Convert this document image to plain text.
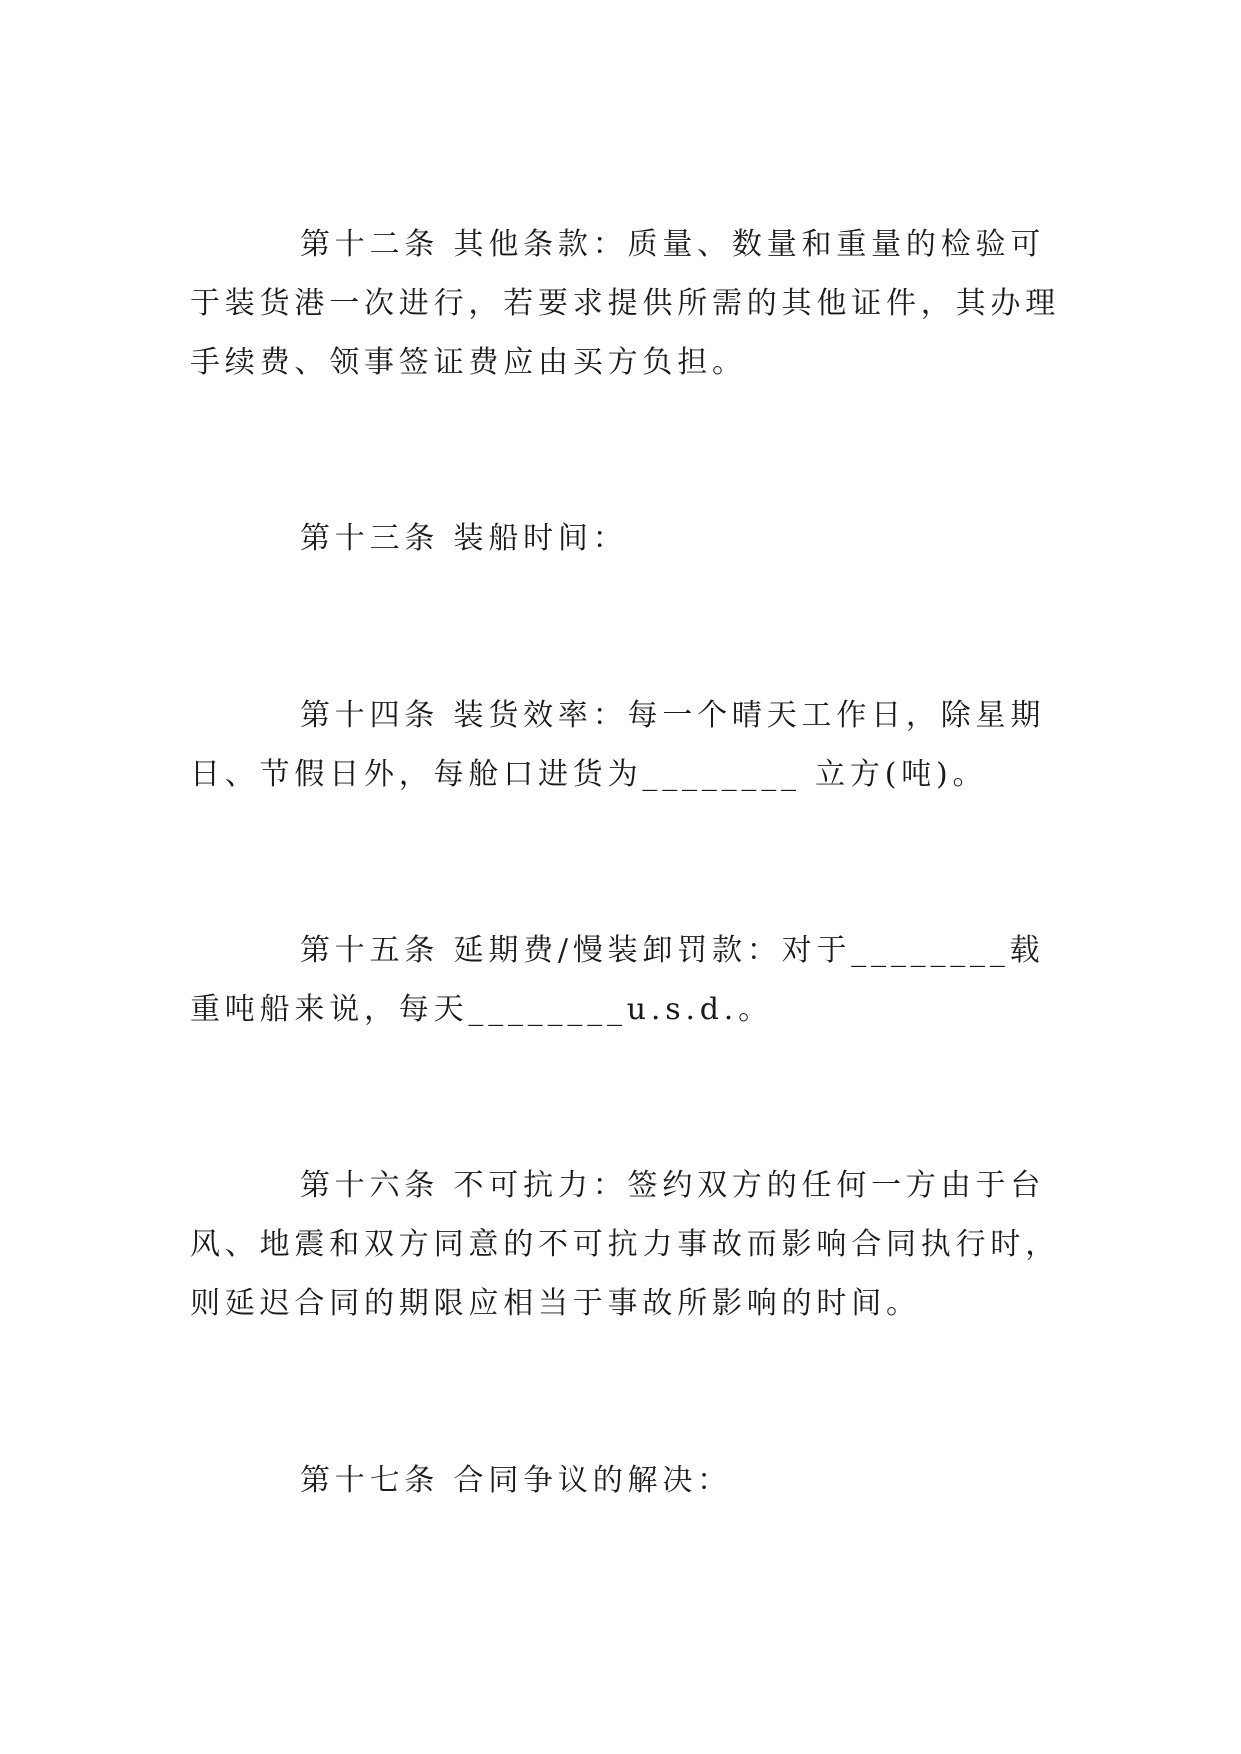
第十二条 其他条款：质量、数量和重量的检验可于装货港一次进行，若要求提供所需的其他证件，其办理手续费、领事签证费应由买方负担。

第十三条 装船时间：

第十四条 装货效率：每一个晴天工作日，除星期日、节假日外，每舱口进货为________ 立方(吨)。

第十五条 延期费/慢装卸罚款：对于________载重吨船来说，每天________u.s.d.。

第十六条 不可抗力：签约双方的任何一方由于台风、地震和双方同意的不可抗力事故而影响合同执行时，则延迟合同的期限应相当于事故所影响的时间。

第十七条 合同争议的解决：
